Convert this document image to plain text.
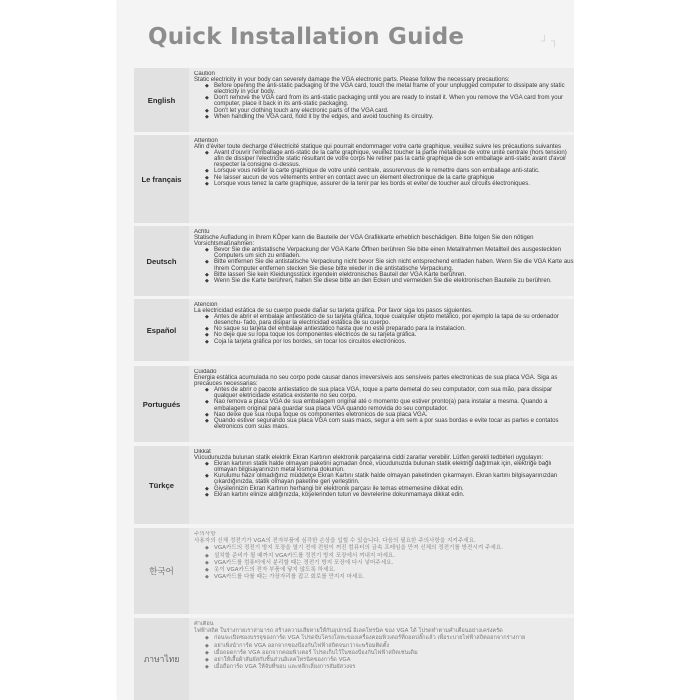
Quick Installation Guide	┘ ┐
English
Caution
Static electricity in your body can severely damage the VGA electronic parts. Please follow the necessary precautions:
◆ Before opening the anti-static packaging of the VGA card, touch the metal frame of your unplugged computer to dissipate any static electricity in your body.
◆ Don't remove the VGA card from its anti-static packaging until you are ready to install it. When you remove the VGA card from your computer, place it back in its anti-static packaging.
◆ Don't let your clothing touch any electronic parts of the VGA card.
◆ When handling the VGA card, hold it by the edges, and avoid touching its circuitry.
Le français
Attention
Afin d'éviter toute decharge d'électricité statique qui pourrait endommager votre carte graphique, veuillez suivre les précautions suivantes
◆ Avant d'ouvrir l'emballage anti-static de la carte graphique, veuillez toucher la partie métallique de votre unite centrale (hors tension) afin de dissiper l'electricite static résultant de votre corps Ne retirer pas la carte graphique de son emballage anti-static avant d'avoir respecter la consigne ci-dessus.
◆ Lorsque vous retirer la carte graphique de votre unité centrale, assurervous de le remettre dans son emballage anti-static.
◆ Ne laisser aucun de vos vêtements entrer en contact avec un élement électronique de la carte graphique
◆ Lorsque vous tenez la carte graphique, assurer de la tenir par les bords et eviter de toucher aux circuits électroniques.
Deutsch
Achtu
Statische Aufladung in Ihrem KÖper kann die Bauteile der VGA Grafikkarte erheblich beschädigen. Bitte folgen Sie den nötigen Vorsichtsmaßnahmen:
◆ Bevor Sie die antistatische Verpackung der VGA Karte Öffnen berühren Sie bitte einen Metallrahmen Metallteil des ausgesteckten Computers um sich zu entladen.
◆ Bitte entfernen Sie die antistatische Verpackung nicht bevor Sie sich nicht entsprechend entladen haben. Wenn Sie die VGA Karte aus Ihrem Computer entfernen stecken Sie diese bitte wieder in die antistatische Verpackung.
◆ Bitte lassen Sie kein Kleidungsstück irgendein elektronisches Bauteil der VGA Karte berühren.
◆ Wenn Sie die Karte berühren, halten Sie diese bitte an den Ecken und vermeiden Sie die elektronischen Bauteile zu berühren.
Español
Atencion
La electricidad estática de su cuerpo puede dañar su tarjeta gráfica. Por favor siga los pasos siguientes.
◆ Antes de abrir el embalaje antiestático de su tarjeta gráfica, toque cualquier objeto metálico, por ejemplo la tapa de su ordenador desenchu- fado, para disipar la electricidad estática de su cuerpo.
◆ No saque su tarjeta del embalaje antiestático hasta que no esté preparado para la instalacion.
◆ No deje que su ropa toque los componentes eléctricos de su tarjeta gráfica.
◆ Coja la tarjeta gráfica por los bordes, sin tocar los circuitos electrónicos.
Portugués
Cuidado
Energia estática acumulada no seu corpo pode causar danos irreversíveis aos sensíveis partes electronicas de sua placa VGA. Siga as precauces necessarias:
◆ Antes de abrir o pacote antiestatico de sua placa VGA, toque a parte demetal do seu computador, com sua mão, para dissipar qualquer eletricidade estatica existente no seu corpo.
◆ Nao remova a placa VGA de sua embalagem original até o momento que estiver pronto(a) para instalar a mesma. Quando a embalagem original para guardar sua placa VGA quando removida do seu computador.
◆ Nao deixe que sua roupa toque os componentes eletronicos de sua placa VGA.
◆ Quando estiver segurando sua placa VGA com suas maos, segur a em sem a por suas bordas e evite tocar as partes e contatos eletronicos com suas maos.
Türkçe
Dikkat
Vücudunuzda bulunan statik elektrik Ekran Kartının elektronik parçalarına ciddi zararlar verebilir. Lütfen gerekli tedbirleri uygulayın:
◆ Ekran kartının statik halde olmayan paketini açmadan önce, vücudunuzda bulunan statik elektriği dağıtmak için, elektriğe bağlı olmayan bilgisayarınızın metal kısmına dokunun.
◆ Kurulumu hazır olmadığınız müddetçe Ekran Kartını statik halde olmayan paketinden çıkarmayın. Ekran kartını bilgisayarınızdan çıkardığınızda, statik olmayan paketine geri yerleştirin.
◆ Giysilerinizin Ekran Kartının herhangi bir elektronik parçası ile temas etmemesine dikkat edin.
◆ Ekran kartını elinize aldığınızda, köşelerinden tutun ve devrelerine dokunmamaya dikkat edin.
한국어
주의사항
사용자의 신체 정전기가 VGA의 전자부품에 심각한 손상을 입힐 수 있습니다. 다음의 필요한 주의사항을 지켜주세요.
◆ VGA카드의 정전기 방지 포장을 열기 전에 전원이 꺼진 컴퓨터의 금속 프레임을 만져 신체의 정전기를 방전시켜 주세요.
◆ 설치할 준비가 될 때까지 VGA카드를 정전기 방지 포장에서 꺼내지 마세요.
◆ VGA카드를 컴퓨터에서 분리할 때는 정전기 방지 포장에 다시 넣어주세요.
◆ 옷이 VGA카드의 전자 부품에 닿지 않도록 하세요.
◆ VGA카드를 다룰 때는 가장자리를 잡고 회로를 만지지 마세요.
ภาษาไทย
คำเตือน
ไฟฟ้าสถิต ในร่างกายเราสามารถ สร้างความเสียหายให้กับอุปกรณ์ อิเลคโทรนิค ของ VGA ได้ โปรดทำตามคำเตือนอย่างเคร่งครัด
◆ ก่อนจะเปิดซองบรรจุของการ์ด VGA โปรดจับโครงโลหะของเครื่องคอมพิวเตอร์ที่ถอดปลั๊กแล้ว เพื่อระบายไฟฟ้าสถิตออกจากร่างกาย
◆ อย่าเพิ่งนำการ์ด VGA ออกจากซองป้องกันไฟฟ้าสถิตจนกว่าจะพร้อมติดตั้ง
◆ เมื่อถอดการ์ด VGA ออกจากคอมพิวเตอร์ โปรดเก็บไว้ในซองป้องกันไฟฟ้าสถิตเช่นเดิม
◆ อย่าให้เสื้อผ้าสัมผัสกับชิ้นส่วนอิเลคโทรนิคของการ์ด VGA
◆ เมื่อถือการ์ด VGA ให้จับที่ขอบ และหลีกเลี่ยงการสัมผัสวงจร
